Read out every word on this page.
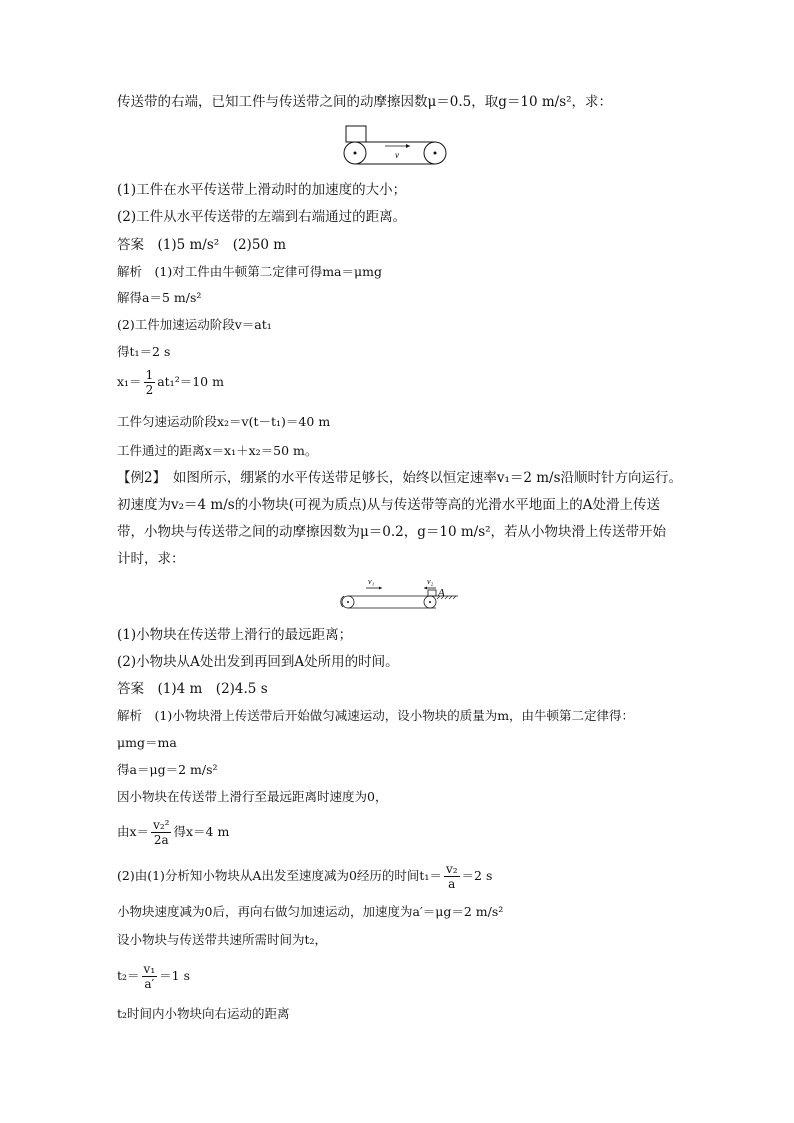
传送带的右端，已知工件与传送带之间的动摩擦因数μ＝0.5，取g＝10 m/s²，求：
v
(1)工件在水平传送带上滑动时的加速度的大小；
(2)工件从水平传送带的左端到右端通过的距离。
答案　(1)5 m/s²　(2)50 m
解析　(1)对工件由牛顿第二定律可得ma＝μmg
解得a＝5 m/s²
(2)工件加速运动阶段v＝at₁
得t₁＝2 s
$x_1= \frac{1}{2} at_1^2=10$ m
工件匀速运动阶段x₂＝v(t－t₁)＝40 m
工件通过的距离x＝x₁＋x₂＝50 m。
【例2】　如图所示，绷紧的水平传送带足够长，始终以恒定速率v₁＝2 m/s沿顺时针方向运行。
初速度为v₂＝4 m/s的小物块(可视为质点)从与传送带等高的光滑水平地面上的A处滑上传送
带，小物块与传送带之间的动摩擦因数为μ＝0.2，g＝10 m/s²，若从小物块滑上传送带开始
计时，求：
v₁	v₂
A
(1)小物块在传送带上滑行的最远距离；
(2)小物块从A处出发到再回到A处所用的时间。
答案　(1)4 m　(2)4.5 s
解析　(1)小物块滑上传送带后开始做匀减速运动，设小物块的质量为m，由牛顿第二定律得：
μmg＝ma
得a＝μg＝2 m/s²
因小物块在传送带上滑行至最远距离时速度为0，
由$x= \frac{\text{v₂²}}{2a}$ 得x＝4 m
(2)由(1)分析知小物块从A出发至速度减为0经历的时间$t_1= \frac{\text{v₂}}{a} =2$ s
小物块速度减为0后，再向右做匀加速运动，加速度为a′＝μg＝2 m/s²
设小物块与传送带共速所需时间为t₂，
$t_2= \frac{\text{v₁}}{a'} =1$ s
t₂时间内小物块向右运动的距离
